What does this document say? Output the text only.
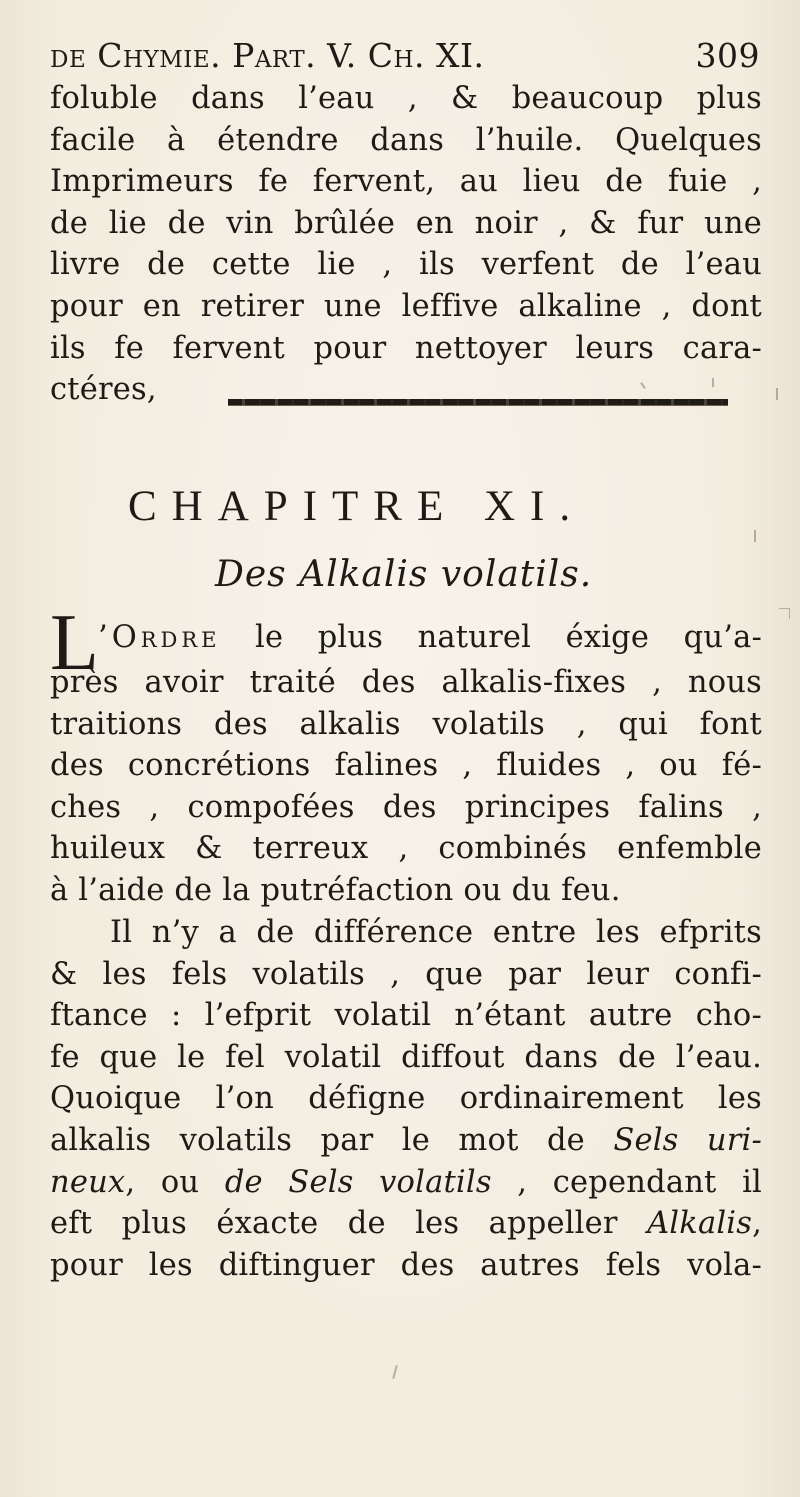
de Chymie. Part. V. Ch. XI.	309
foluble dans l’eau , & beaucoup plus
facile à étendre dans l’huile. Quelques
Imprimeurs fe fervent, au lieu de fuie ,
de lie de vin brûlée en noir , & fur une
livre de cette lie , ils verfent de l’eau
pour en retirer une leffive alkaline , dont
ils fe fervent pour nettoyer leurs cara-
ctéres,
CHAPITRE XI.
Des Alkalis volatils.
L ’Ordre le plus naturel éxige qu’a-
près avoir traité des alkalis-fixes , nous
traitions des alkalis volatils , qui font
des concrétions falines , fluides , ou fé-
ches , compofées des principes falins ,
huileux & terreux , combinés enfemble
à l’aide de la putréfaction ou du feu.
Il n’y a de différence entre les efprits
& les fels volatils , que par leur confi-
ftance : l’efprit volatil n’étant autre cho-
fe que le fel volatil diffout dans de l’eau.
Quoique l’on défigne ordinairement les
alkalis volatils par le mot de Sels uri-
neux, ou de Sels volatils , cependant il
eft plus éxacte de les appeller Alkalis,
pour les diftinguer des autres fels vola-
